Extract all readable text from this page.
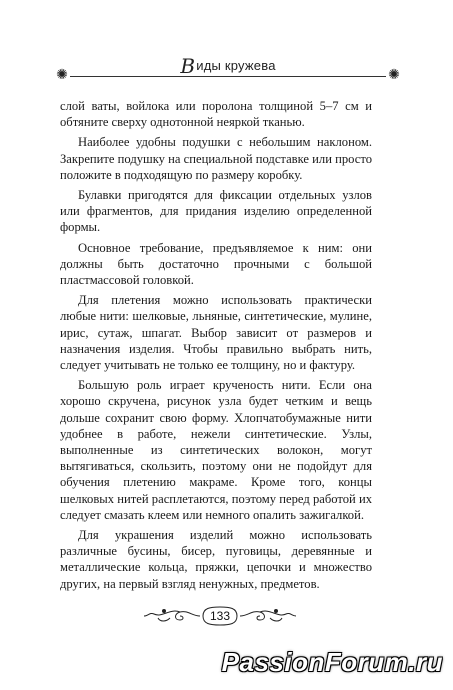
✺	Виды кружева
✺

слой ваты, войлока или поролона толщиной 5–7 см и обтяните сверху однотонной неяркой тканью.

Наиболее удобны подушки с небольшим наклоном. Закрепите подушку на специальной подставке или просто положите в подходящую по размеру коробку.

Булавки пригодятся для фиксации отдельных узлов или фрагментов, для придания изделию определенной формы.

Основное требование, предъявляемое к ним: они должны быть достаточно прочными с большой пластмассовой головкой.

Для плетения можно использовать практически любые нити: шелковые, льняные, синтетические, мулине, ирис, сутаж, шпагат. Выбор зависит от размеров и назначения изделия. Чтобы правильно выбрать нить, следует учитывать не только ее толщину, но и фактуру.

Большую роль играет крученость нити. Если она хорошо скручена, рисунок узла будет четким и вещь дольше сохранит свою форму. Хлопчатобумажные нити удобнее в работе, нежели синтетические. Узлы, выполненные из синтетических волокон, могут вытягиваться, скользить, поэтому они не подойдут для обучения плетению макраме. Кроме того, концы шелковых нитей расплетаются, поэтому перед работой их следует смазать клеем или немного опалить зажигалкой.

Для украшения изделий можно использовать различные бусины, бисер, пуговицы, деревянные и металлические кольца, пряжки, цепочки и множество других, на первый взгляд ненужных, предметов.

133
PassionForum.ru
